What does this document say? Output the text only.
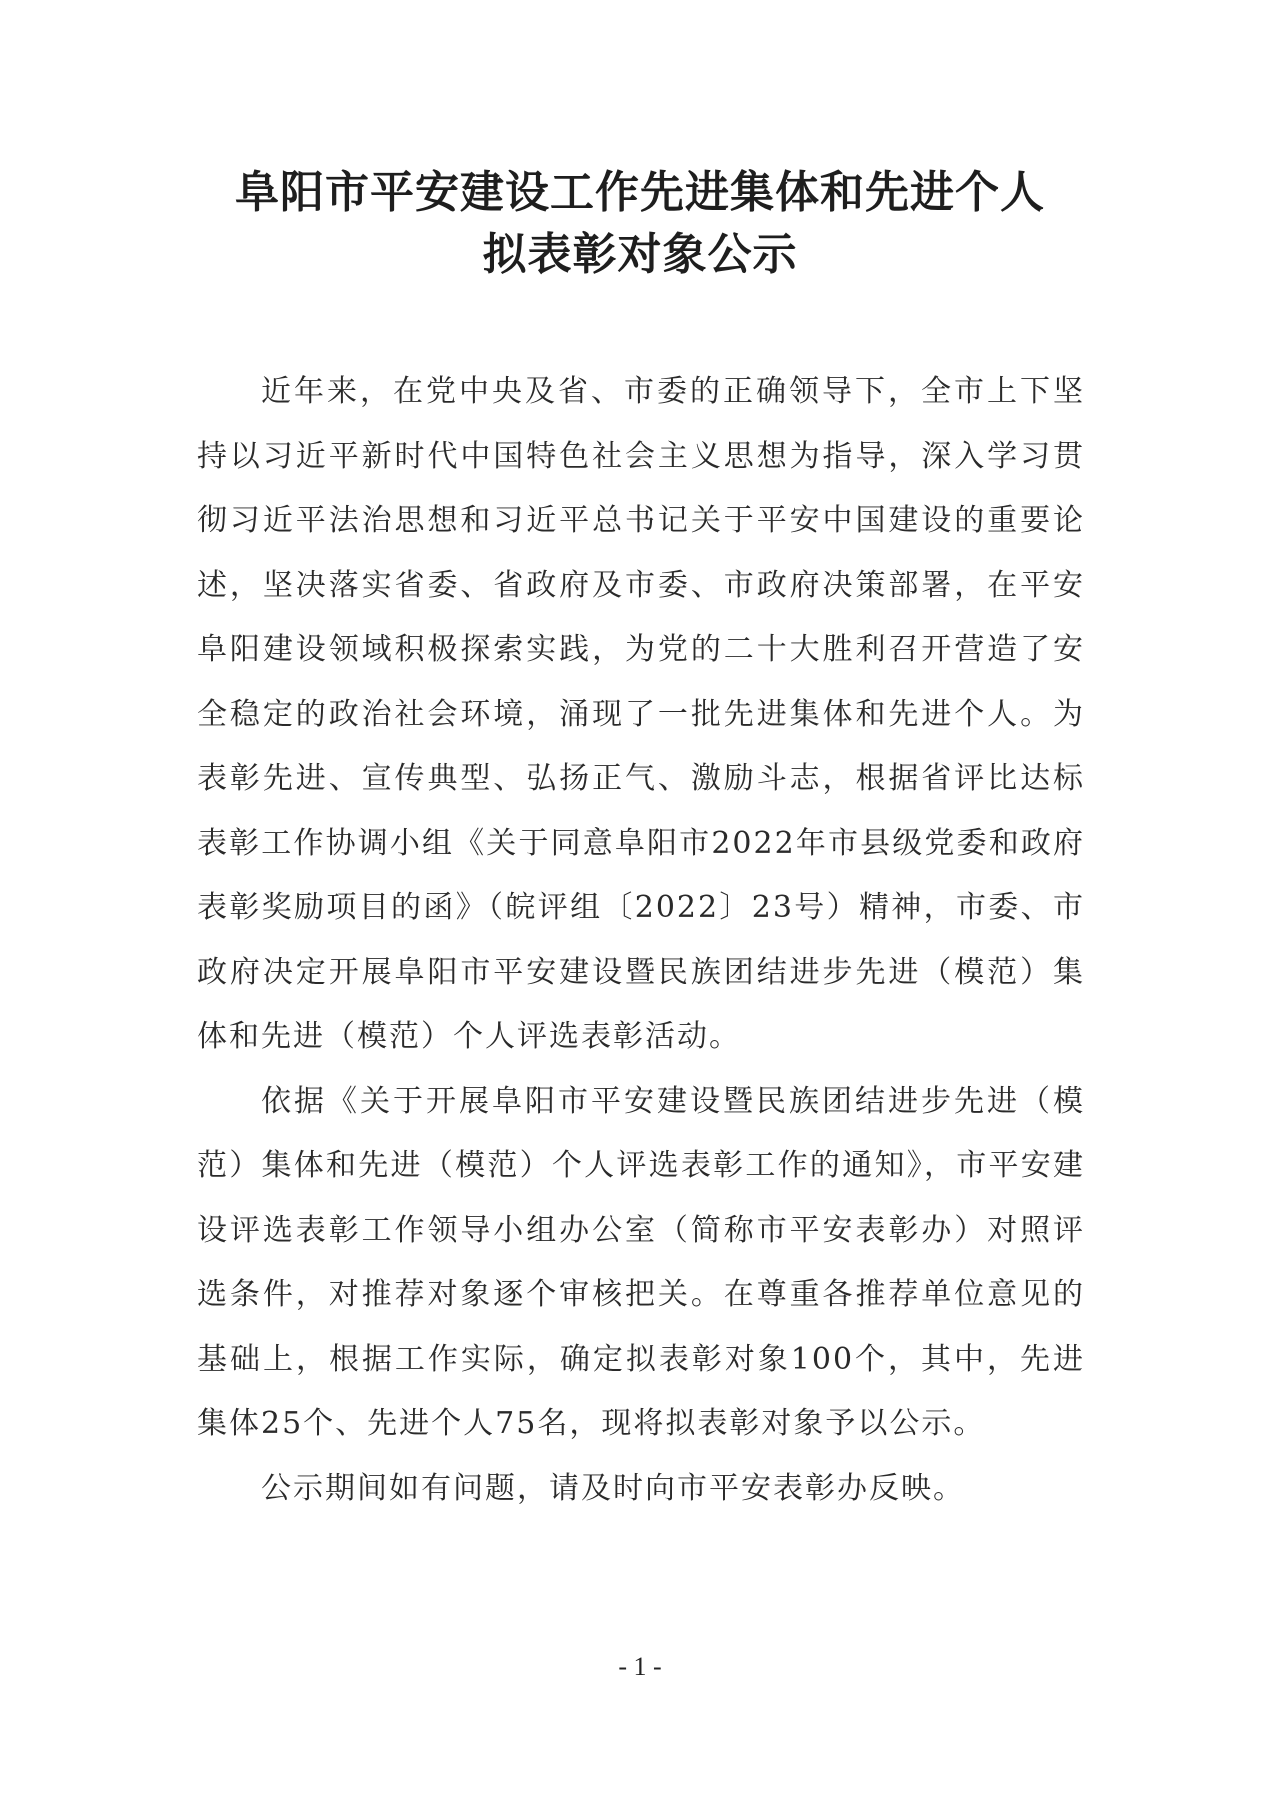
阜阳市平安建设工作先进集体和先进个人
拟表彰对象公示

近年来，在党中央及省、市委的正确领导下，全市上下坚持以习近平新时代中国特色社会主义思想为指导，深入学习贯彻习近平法治思想和习近平总书记关于平安中国建设的重要论述，坚决落实省委、省政府及市委、市政府决策部署，在平安阜阳建设领域积极探索实践，为党的二十大胜利召开营造了安全稳定的政治社会环境，涌现了一批先进集体和先进个人。为表彰先进、宣传典型、弘扬正气、激励斗志，根据省评比达标表彰工作协调小组《关于同意阜阳市2022年市县级党委和政府表彰奖励项目的函》（皖评组〔2022〕23号）精神，市委、市政府决定开展阜阳市平安建设暨民族团结进步先进（模范）集体和先进（模范）个人评选表彰活动。

依据《关于开展阜阳市平安建设暨民族团结进步先进（模范）集体和先进（模范）个人评选表彰工作的通知》，市平安建设评选表彰工作领导小组办公室（简称市平安表彰办）对照评选条件，对推荐对象逐个审核把关。在尊重各推荐单位意见的基础上，根据工作实际，确定拟表彰对象100个，其中，先进集体25个、先进个人75名，现将拟表彰对象予以公示。

公示期间如有问题，请及时向市平安表彰办反映。

- 1 -
